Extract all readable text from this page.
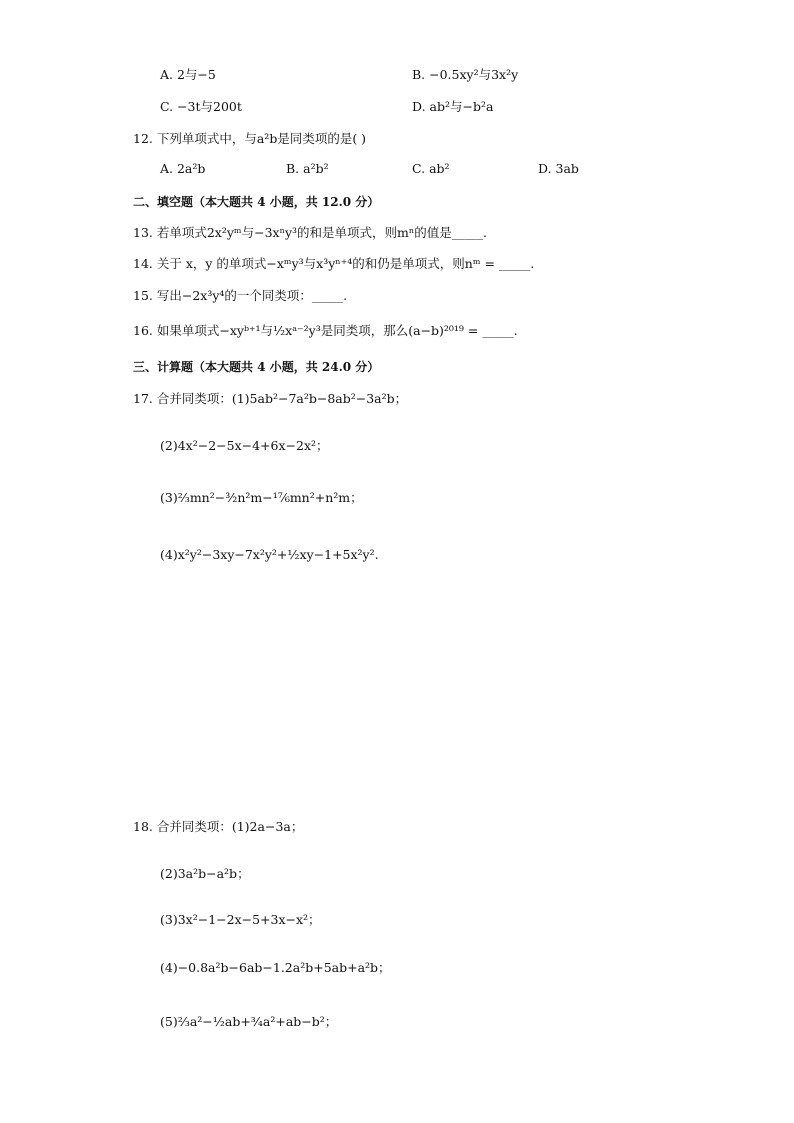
A. 2与−5	B. −0.5xy²与3x²y
C. −3t与200t	D. ab²与−b²a
12. 下列单项式中，与a²b是同类项的是( )
A. 2a²b	B. a²b²	C. ab²	D. 3ab
二、填空题（本大题共 4 小题，共 12.0 分）
13. 若单项式2x²yᵐ与−3xⁿy³的和是单项式，则mⁿ的值是_____.
14. 关于 x，y 的单项式−xᵐy³与x³yⁿ⁺⁴的和仍是单项式，则nᵐ = _____.
15. 写出−2x³y⁴的一个同类项：_____.
16. 如果单项式−xyᵇ⁺¹与½xᵃ⁻²y³是同类项，那么(a−b)²⁰¹⁹ = _____.
三、计算题（本大题共 4 小题，共 24.0 分）
17. 合并同类项：(1)5ab²−7a²b−8ab²−3a²b；
(2)4x²−2−5x−4+6x−2x²；
(3)⅔mn²−³⁄₂n²m−¹⁷⁄₆mn²+n²m；
(4)x²y²−3xy−7x²y²+½xy−1+5x²y².
18. 合并同类项：(1)2a−3a；
(2)3a²b−a²b；
(3)3x²−1−2x−5+3x−x²；
(4)−0.8a²b−6ab−1.2a²b+5ab+a²b；
(5)⅔a²−½ab+¾a²+ab−b²；
